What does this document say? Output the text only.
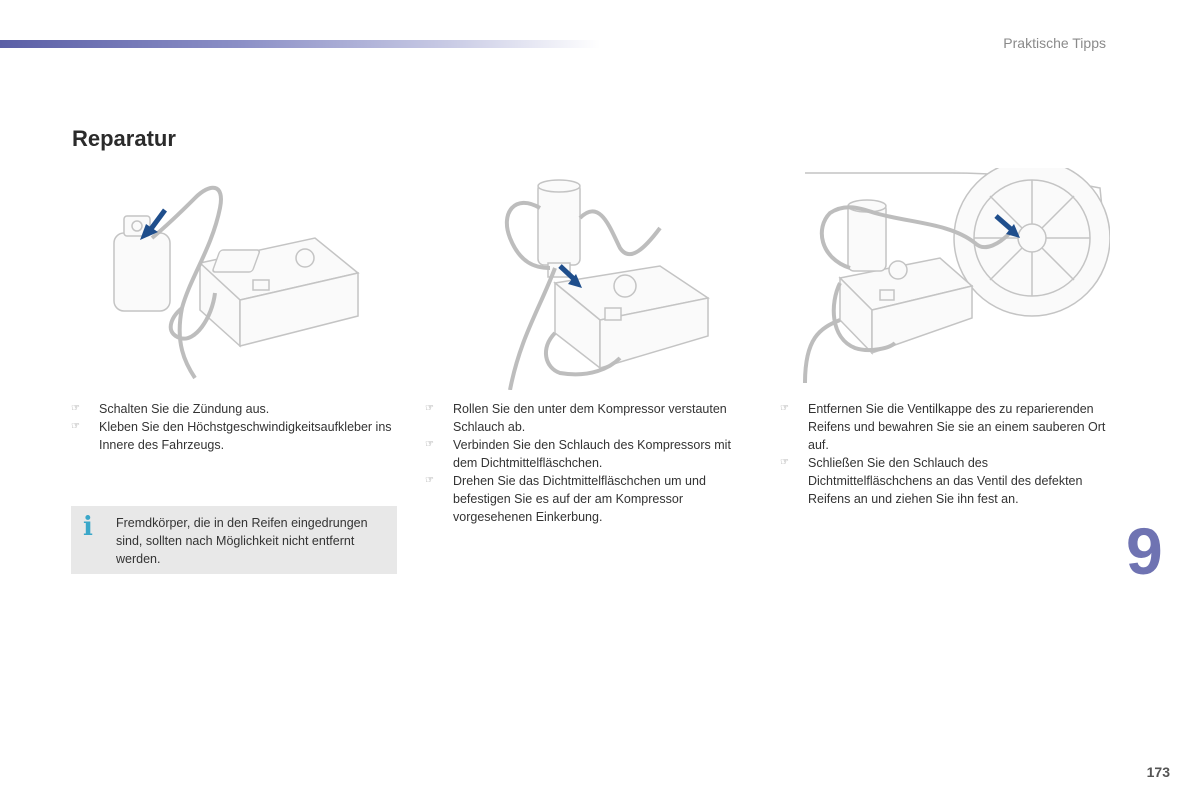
Praktische Tipps
Reparatur
☞	Schalten Sie die Zündung aus.
☞	Kleben Sie den Höchstgeschwindigkeitsaufkleber ins Innere des Fahrzeugs.
☞	Rollen Sie den unter dem Kompressor verstauten Schlauch ab.
☞	Verbinden Sie den Schlauch des Kompressors mit dem Dichtmittelfläschchen.
☞	Drehen Sie das Dichtmittelfläschchen um und befestigen Sie es auf der am Kompressor vorgesehenen Einkerbung.
☞	Entfernen Sie die Ventilkappe des zu reparierenden Reifens und bewahren Sie sie an einem sauberen Ort auf.
☞	Schließen Sie den Schlauch des Dichtmittelfläschchens an das Ventil des defekten Reifens an und ziehen Sie ihn fest an.
i Fremdkörper, die in den Reifen eingedrungen sind, sollten nach Möglichkeit nicht entfernt werden.	9
173
